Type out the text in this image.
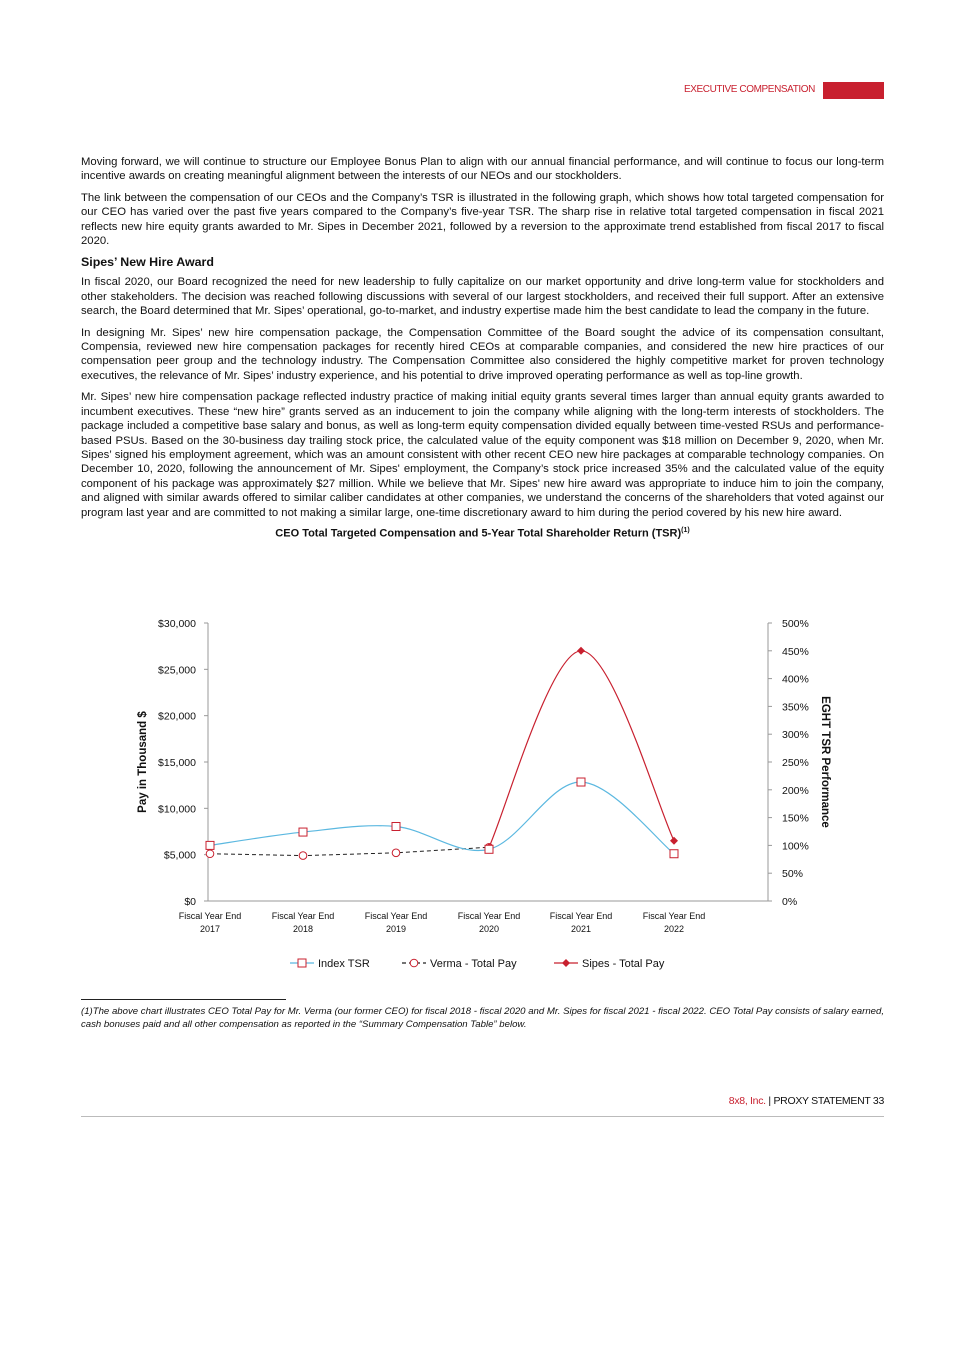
EXECUTIVE COMPENSATION

Moving forward, we will continue to structure our Employee Bonus Plan to align with our annual financial performance, and will continue to focus our long-term incentive awards on creating meaningful alignment between the interests of our NEOs and our stockholders.

The link between the compensation of our CEOs and the Company’s TSR is illustrated in the following graph, which shows how total targeted compensation for our CEO has varied over the past five years compared to the Company’s five-year TSR. The sharp rise in relative total targeted compensation in fiscal 2021 reflects new hire equity grants awarded to Mr. Sipes in December 2021, followed by a reversion to the approximate trend established from fiscal 2017 to fiscal 2020.

Sipes’ New Hire Award

In fiscal 2020, our Board recognized the need for new leadership to fully capitalize on our market opportunity and drive long-term value for stockholders and other stakeholders. The decision was reached following discussions with several of our largest stockholders, and received their full support. After an extensive search, the Board determined that Mr. Sipes’ operational, go-to-market, and industry expertise made him the best candidate to lead the company in the future.

In designing Mr. Sipes’ new hire compensation package, the Compensation Committee of the Board sought the advice of its compensation consultant, Compensia, reviewed new hire compensation packages for recently hired CEOs at comparable companies, and considered the new hire practices of our compensation peer group and the technology industry. The Compensation Committee also considered the highly competitive market for proven technology executives, the relevance of Mr. Sipes’ industry experience, and his potential to drive improved operating performance as well as top-line growth.

Mr. Sipes’ new hire compensation package reflected industry practice of making initial equity grants several times larger than annual equity grants awarded to incumbent executives. These “new hire” grants served as an inducement to join the company while aligning with the long-term interests of stockholders. The package included a competitive base salary and bonus, as well as long-term equity compensation divided equally between time-vested RSUs and performance-based PSUs. Based on the 30-business day trailing stock price, the calculated value of the equity component was $18 million on December 9, 2020, when Mr. Sipes’ signed his employment agreement, which was an amount consistent with other recent CEO new hire packages at comparable technology companies. On December 10, 2020, following the announcement of Mr. Sipes' employment, the Company’s stock price increased 35% and the calculated value of the equity component of his package was approximately $27 million. While we believe that Mr. Sipes' new hire award was appropriate to induce him to join the company, and aligned with similar awards offered to similar caliber candidates at other companies, we understand the concerns of the shareholders that voted against our program last year and are committed to not making a similar large, one-time discretionary award to him during the period covered by his new hire award.

CEO Total Targeted Compensation and 5-Year Total Shareholder Return (TSR)$^{(1)}$
$0
$5,000
$10,000
$15,000
$20,000
$25,000
$30,000
0%
50%
100%
150%
200%
250%
300%
350%
400%
450%
500%
Fiscal Year End
2017
Fiscal Year End
2018
Fiscal Year End
2019
Fiscal Year End
2020
Fiscal Year End
2021
Fiscal Year End
2022
Pay in Thousand $	EGHT TSR Performance
Index TSR	Verma - Total Pay	Sipes - Total Pay
(1)The above chart illustrates CEO Total Pay for Mr. Verma (our former CEO) for fiscal 2018 - fiscal 2020 and Mr. Sipes for fiscal 2021 - fiscal 2022. CEO Total Pay consists of salary earned, cash bonuses paid and all other compensation as reported in the “Summary Compensation Table” below.
8x8, Inc. | PROXY STATEMENT 33
